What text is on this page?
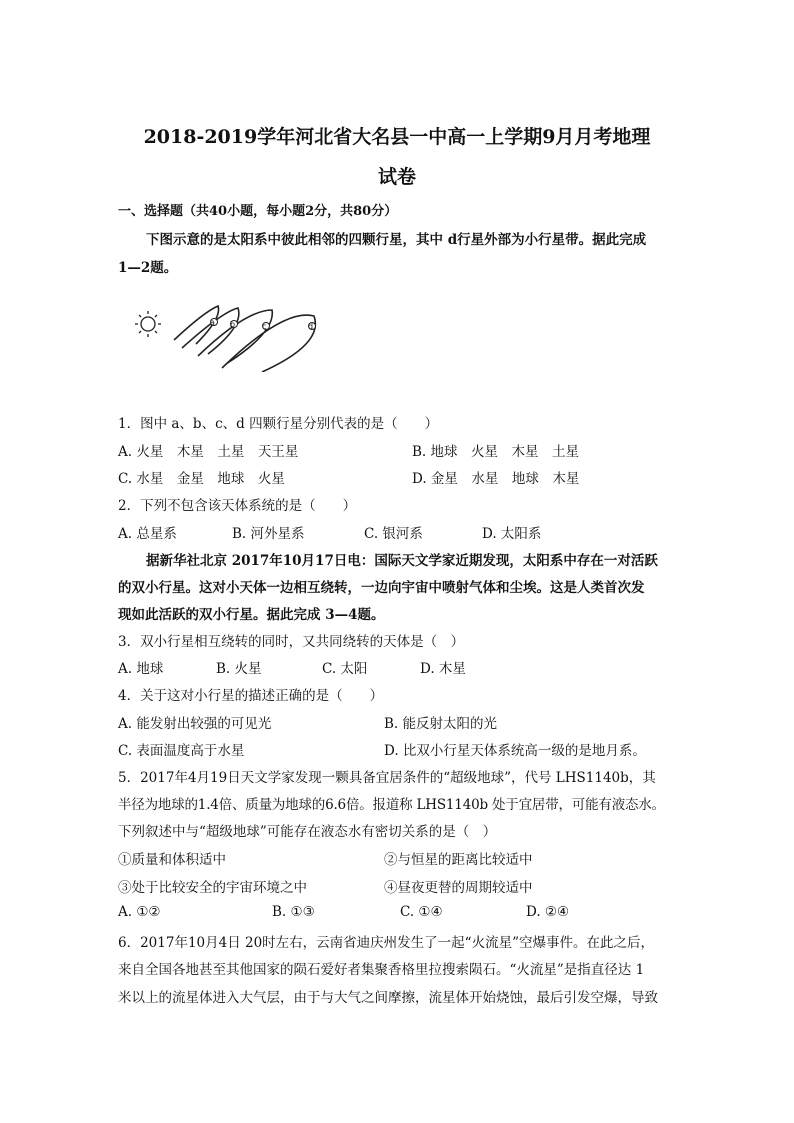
2018-2019学年河北省大名县一中高一上学期9月月考地理
试卷
一、选择题（共40小题，每小题2分，共80分）
下图示意的是太阳系中彼此相邻的四颗行星，其中 d行星外部为小行星带。据此完成
1—2题。
a b	c	d
1．图中 a、b、c、d 四颗行星分别代表的是（　　）
A. 火星　木星　土星　天王星	B. 地球　火星　木星　土星
C. 水星　金星　地球　火星	D. 金星　水星　地球　木星
2．下列不包含该天体系统的是（　　）
A. 总星系	B. 河外星系	C. 银河系	D. 太阳系
据新华社北京 2017年10月17日电：国际天文学家近期发现，太阳系中存在一对活跃
的双小行星。这对小天体一边相互绕转，一边向宇宙中喷射气体和尘埃。这是人类首次发
现如此活跃的双小行星。据此完成 3—4题。
3．双小行星相互绕转的同时，又共同绕转的天体是（　）
A. 地球	B. 火星	C. 太阳	D. 木星
4．关于这对小行星的描述正确的是（　　）
A. 能发射出较强的可见光	B. 能反射太阳的光
C. 表面温度高于水星	D. 比双小行星天体系统高一级的是地月系。
5．2017年4月19日天文学家发现一颗具备宜居条件的“超级地球”，代号 LHS1140b，其
半径为地球的1.4倍、质量为地球的6.6倍。报道称 LHS1140b 处于宜居带，可能有液态水。
下列叙述中与“超级地球”可能存在液态水有密切关系的是（　）
①质量和体积适中	②与恒星的距离比较适中
③处于比较安全的宇宙环境之中	④昼夜更替的周期较适中
A. ①②	B. ①③	C. ①④	D. ②④
6．2017年10月4日 20时左右，云南省迪庆州发生了一起“火流星”空爆事件。在此之后，
来自全国各地甚至其他国家的陨石爱好者集聚香格里拉搜索陨石。“火流星”是指直径达 1
米以上的流星体进入大气层，由于与大气之间摩擦，流星体开始烧蚀，最后引发空爆，导致
